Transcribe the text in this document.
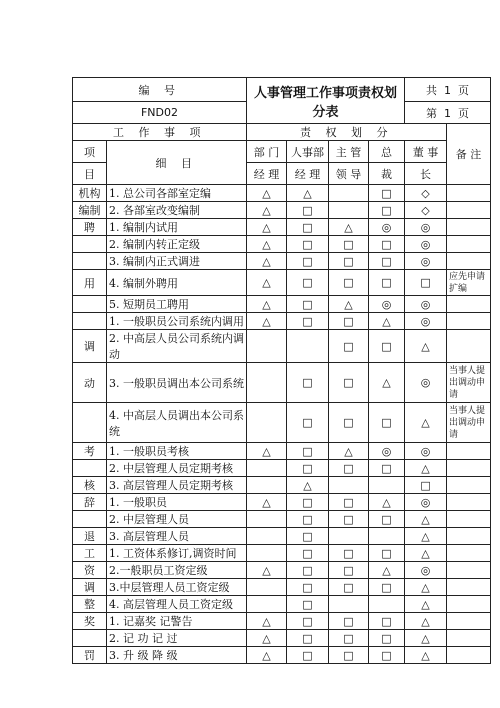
编 号		人事管理工作事项责权划分表				共 1 页	
FND02						第 1 页	
工 作 事 项		责 权 划 分					备 注
项	细 目	部 门	人事部	主 管	总	董 事	
目		经 理	经 理	领 导	裁	长	
机构	1. 总公司各部室定编	△	△		□	◇	
编制	2. 各部室改变编制	△	□		□	◇	
聘	1. 编制内试用	△	□	△	◎	◎	
	2. 编制内转正定级	△	□	□	□	◎	
	3. 编制内正式调进	△	□	□	□	◎	
用	4. 编制外聘用	△	□	□	□	□	应先申请扩编
	5. 短期员工聘用	△	□	△	◎	◎	
	1. 一般职员公司系统内调用	△	□	□	△	◎	
调	2. 中高层人员公司系统内调动			□	□	△	
动	3. 一般职员调出本公司系统		□	□	△	◎	当事人提出调动申请
	4. 中高层人员调出本公司系统		□	□	□	△	当事人提出调动申请
考	1. 一般职员考核	△	□	△	◎	◎	
	2. 中层管理人员定期考核		□	□	□	△	
核	3. 高层管理人员定期考核		△			□	
辞	1. 一般职员	△	□	□	△	◎	
	2. 中层管理人员		□	□	□	△	
退	3. 高层管理人员		□			△	
工	1. 工资体系修订,调资时间		□	□	□	△	
资	2.一般职员工资定级	△	□	□	△	◎	
调	3.中层管理人员工资定级		□	□	□	△	
整	4. 高层管理人员工资定级		□			△	
奖	1. 记嘉奖 记警告	△	□	□	□	△	
	2. 记 功 记 过	△	□	□	□	△	
罚	3. 升 级 降 级	△	□	□	□	△	
